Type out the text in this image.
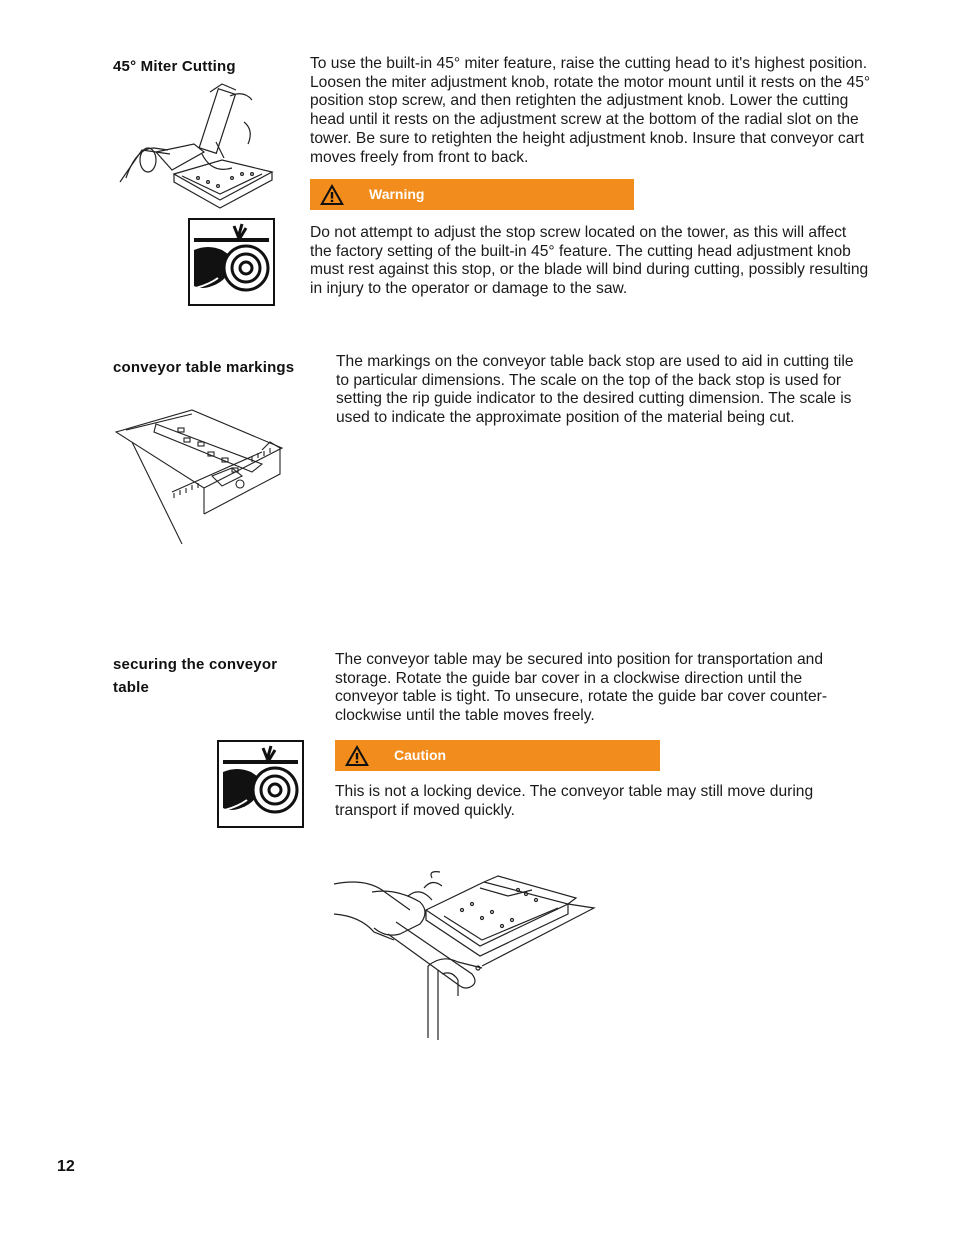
45° Miter Cutting	To use the built-in 45° miter feature, raise the cutting head to it's highest position. Loosen the miter adjustment knob, rotate the motor mount until it rests on the 45° position stop screw, and then retighten the adjustment knob. Lower the cutting head until it rests on the adjustment screw at the bottom of the radial slot on the tower. Be sure to retighten the height adjustment knob. Insure that conveyor cart moves freely from front to back.
Warning
Do not attempt to adjust the stop screw located on the tower, as this will affect the factory setting of the built-in 45° feature. The cutting head adjustment knob must rest against this stop, or the blade will bind during cutting, possibly resulting in injury to the operator or damage to the saw.
conveyor table markings	The markings on the conveyor table back stop are used to aid in cutting tile to particular dimensions. The scale on the top of the back stop is used for setting the rip guide indicator to the desired cutting dimension. The scale is used to indicate the approximate position of the material being cut.
securing the conveyor table
The conveyor table may be secured into position for transportation and storage. Rotate the guide bar cover in a clockwise direction until the conveyor table is tight. To unsecure, rotate the guide bar cover counter-clockwise until the table moves freely.
Caution
This is not a locking device. The conveyor table may still move during transport if moved quickly.
12
